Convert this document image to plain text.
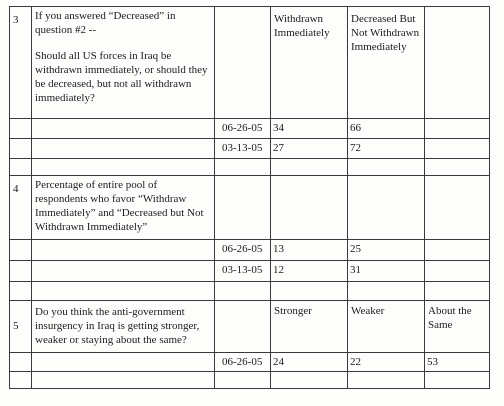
3	If you answered “Decreased” in question #2 --
Should all US forces in Iraq be withdrawn immediately, or should they be decreased, but not all withdrawn immediately?		Withdrawn Immediately	Decreased But Not Withdrawn Immediately	

		06-26-05	34	66	

		03-13-05	27	72	

4	Percentage of entire pool of respondents who favor “Withdraw Immediately” and “Decreased but Not Withdrawn Immediately”				

		06-26-05	13	25	

		03-13-05	12	31	

5	Do you think the anti-government insurgency in Iraq is getting stronger, weaker or staying about the same?		Stronger	Weaker	About the Same

		06-26-05	24	22	53
